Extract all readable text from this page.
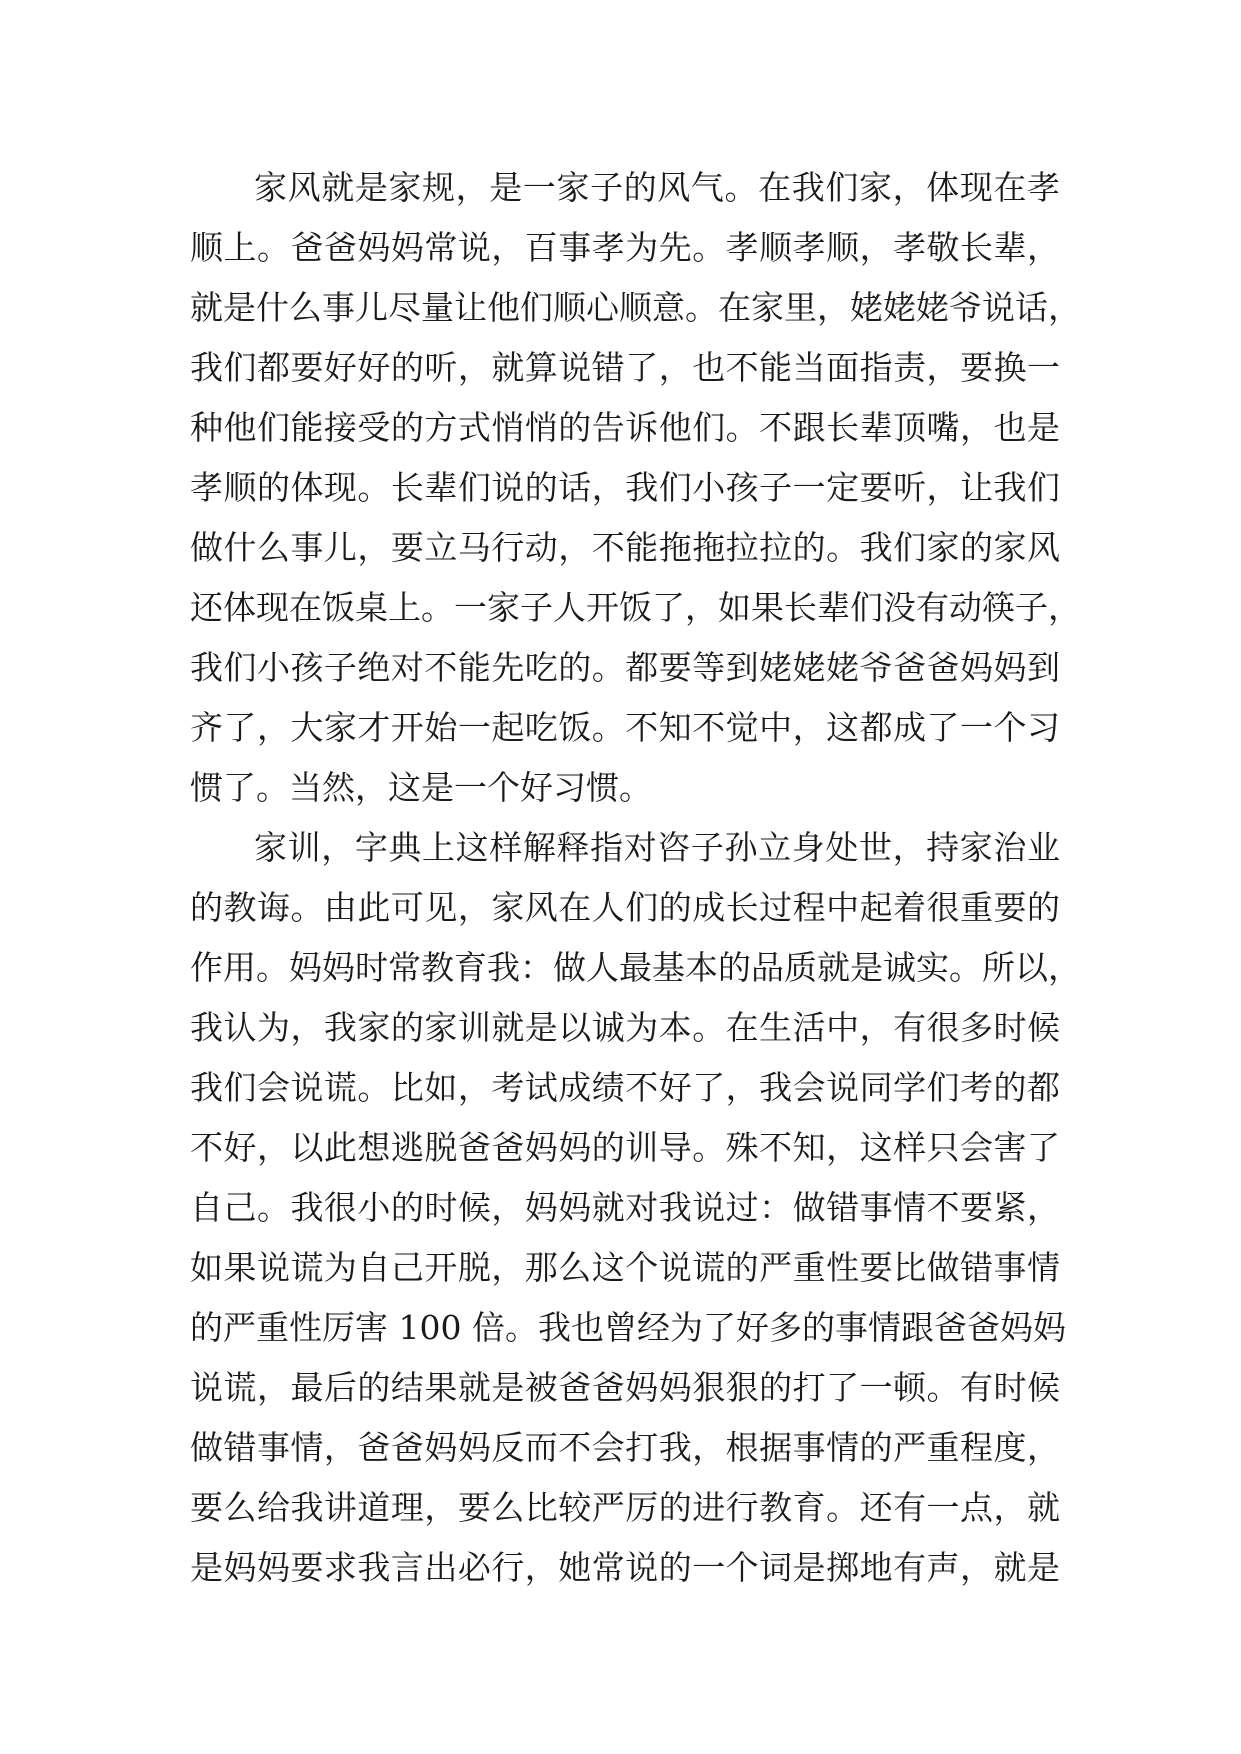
家风就是家规，是一家子的风气。在我们家，体现在孝
顺上。爸爸妈妈常说，百事孝为先。孝顺孝顺，孝敬长辈，
就是什么事儿尽量让他们顺心顺意。在家里，姥姥姥爷说话，
我们都要好好的听，就算说错了，也不能当面指责，要换一
种他们能接受的方式悄悄的告诉他们。不跟长辈顶嘴，也是
孝顺的体现。长辈们说的话，我们小孩子一定要听，让我们
做什么事儿，要立马行动，不能拖拖拉拉的。我们家的家风
还体现在饭桌上。一家子人开饭了，如果长辈们没有动筷子，
我们小孩子绝对不能先吃的。都要等到姥姥姥爷爸爸妈妈到
齐了，大家才开始一起吃饭。不知不觉中，这都成了一个习
惯了。当然，这是一个好习惯。
家训，字典上这样解释指对咨子孙立身处世，持家治业
的教诲。由此可见，家风在人们的成长过程中起着很重要的
作用。妈妈时常教育我：做人最基本的品质就是诚实。所以，
我认为，我家的家训就是以诚为本。在生活中，有很多时候
我们会说谎。比如，考试成绩不好了，我会说同学们考的都
不好，以此想逃脱爸爸妈妈的训导。殊不知，这样只会害了
自己。我很小的时候，妈妈就对我说过：做错事情不要紧，
如果说谎为自己开脱，那么这个说谎的严重性要比做错事情
的严重性厉害 100 倍。我也曾经为了好多的事情跟爸爸妈妈
说谎，最后的结果就是被爸爸妈妈狠狠的打了一顿。有时候
做错事情，爸爸妈妈反而不会打我，根据事情的严重程度，
要么给我讲道理，要么比较严厉的进行教育。还有一点，就
是妈妈要求我言出必行，她常说的一个词是掷地有声，就是
